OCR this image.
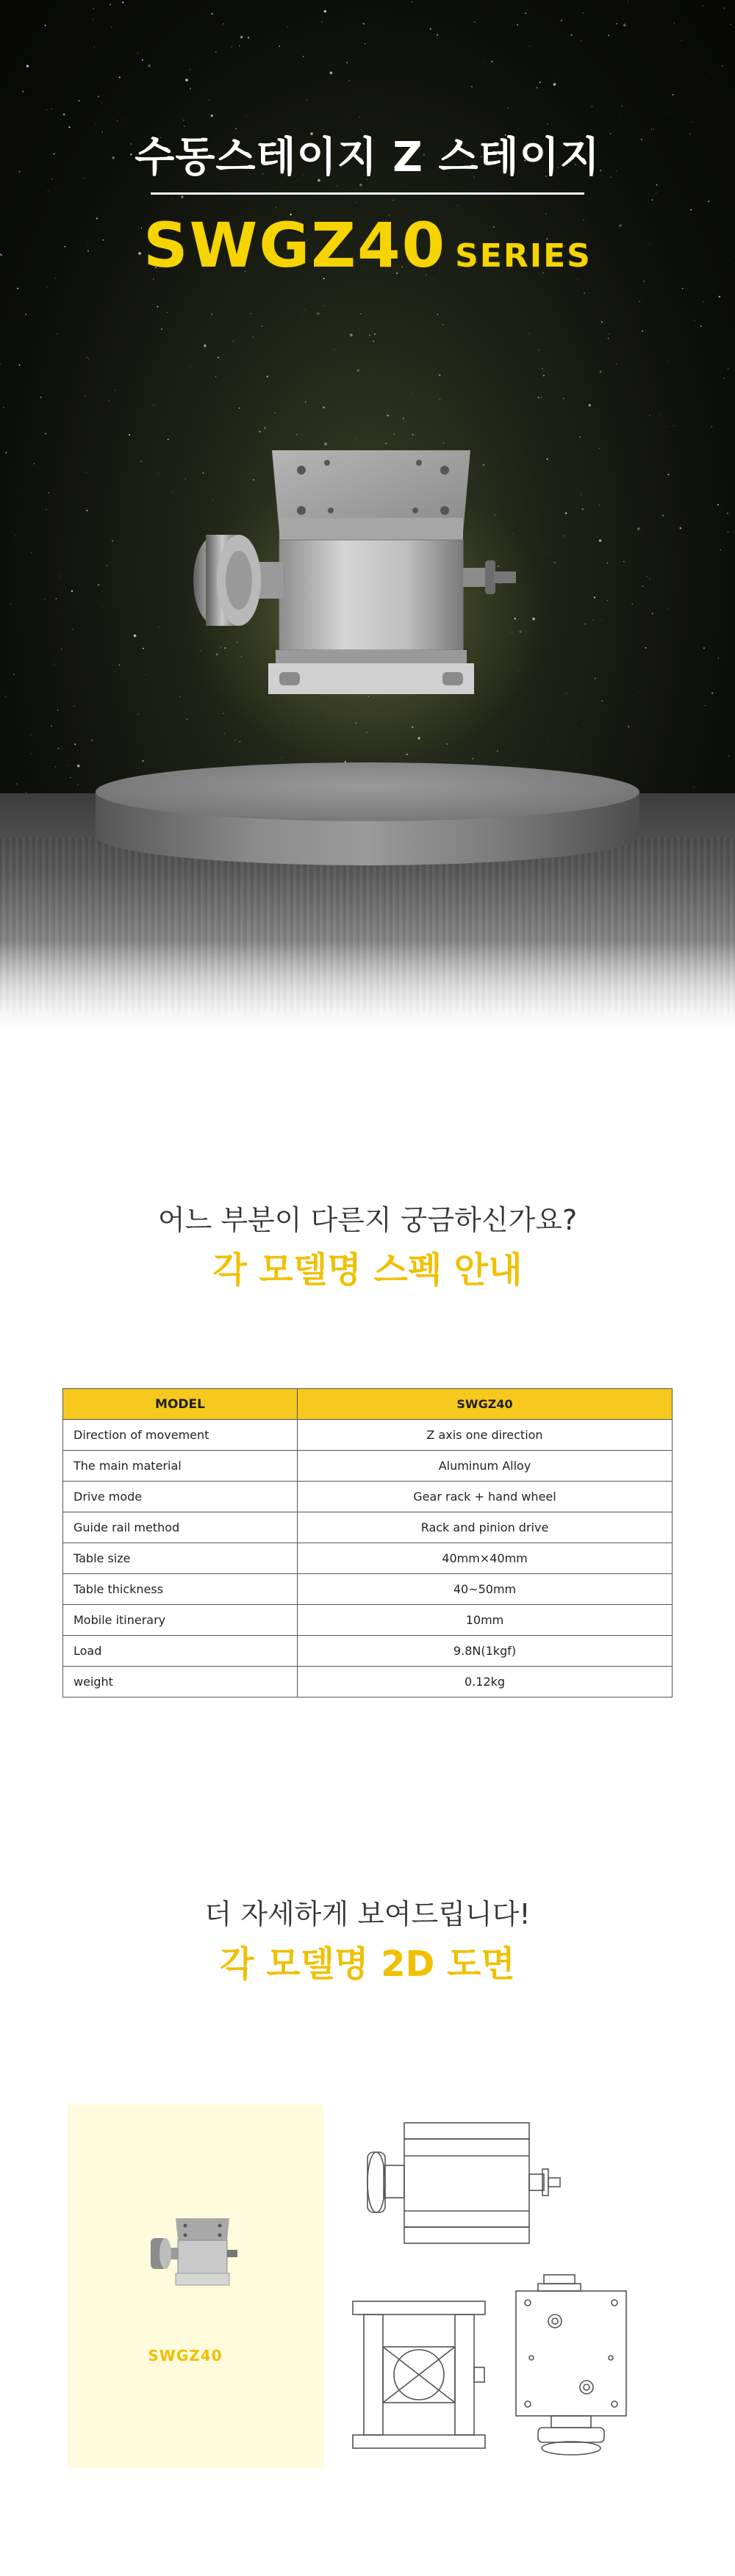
수동스테이지 Z 스테이지
SWGZ40 SERIES
어느 부분이 다른지 궁금하신가요?
각 모델명 스펙 안내
MODEL	SWGZ40
Direction of movement	Z axis one direction
The main material	Aluminum Alloy
Drive mode	Gear rack + hand wheel
Guide rail method	Rack and pinion drive
Table size	40mm×40mm
Table thickness	40~50mm
Mobile itinerary	10mm
Load	9.8N(1kgf)
weight	0.12kg
더 자세하게 보여드립니다!
각 모델명 2D 도면
SWGZ40
